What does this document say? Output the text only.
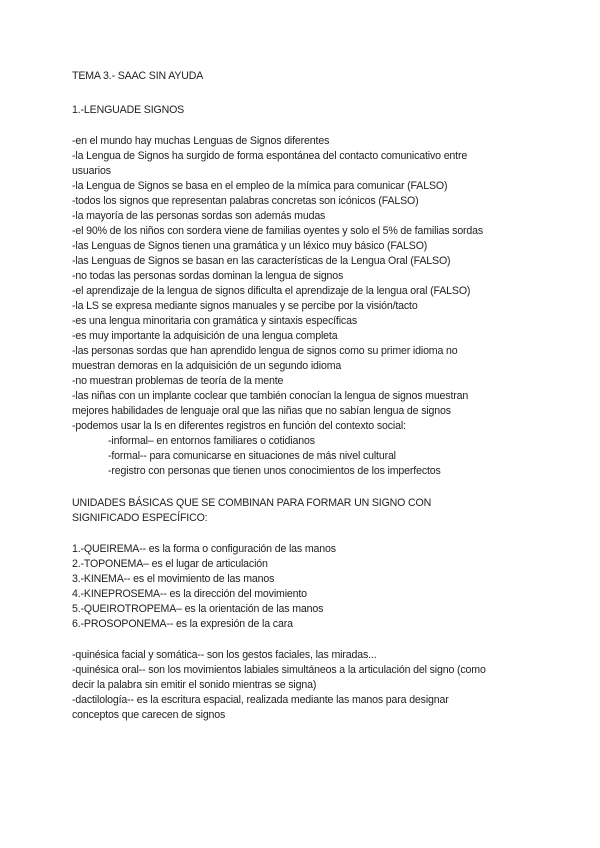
TEMA 3.- SAAC SIN AYUDA
1.-LENGUADE SIGNOS
-en el mundo hay muchas Lenguas de Signos diferentes
-la Lengua de Signos ha surgido de forma espontánea del contacto comunicativo entre
usuarios
-la Lengua de Signos se basa en el empleo de la mímica para comunicar (FALSO)
-todos los signos que representan palabras concretas son icónicos (FALSO)
-la mayoría de las personas sordas son además mudas
-el 90% de los niños con sordera viene de familias oyentes y solo el 5% de familias sordas
-las Lenguas de Signos tienen una gramática y un léxico muy básico (FALSO)
-las Lenguas de Signos se basan en las características de la Lengua Oral (FALSO)
-no todas las personas sordas dominan la lengua de signos
-el aprendizaje de la lengua de signos dificulta el aprendizaje de la lengua oral (FALSO)
-la LS se expresa mediante signos manuales y se percibe por la visión/tacto
-es una lengua minoritaria con gramática y sintaxis específicas
-es muy importante la adquisición de una lengua completa
-las personas sordas que han aprendido lengua de signos como su primer idioma no
muestran demoras en la adquisición de un segundo idioma
-no muestran problemas de teoría de la mente
-las niñas con un implante coclear que también conocían la lengua de signos muestran
mejores habilidades de lenguaje oral que las niñas que no sabían lengua de signos
-podemos usar la ls en diferentes registros en función del contexto social:
-informal– en entornos familiares o cotidianos
-formal-- para comunicarse en situaciones de más nivel cultural
-registro con personas que tienen unos conocimientos de los imperfectos
UNIDADES BÁSICAS QUE SE COMBINAN PARA FORMAR UN SIGNO CON
SIGNIFICADO ESPECÍFICO:
1.-QUEIREMA-- es la forma o configuración de las manos
2.-TOPONEMA– es el lugar de articulación
3.-KINEMA-- es el movimiento de las manos
4.-KINEPROSEMA-- es la dirección del movimiento
5.-QUEIROTROPEMA– es la orientación de las manos
6.-PROSOPONEMA-- es la expresión de la cara
-quinésica facial y somática-- son los gestos faciales, las miradas...
-quinésica oral-- son los movimientos labiales simultáneos a la articulación del signo (como
decir la palabra sin emitir el sonido mientras se signa)
-dactilología-- es la escritura espacial, realizada mediante las manos para designar
conceptos que carecen de signos
